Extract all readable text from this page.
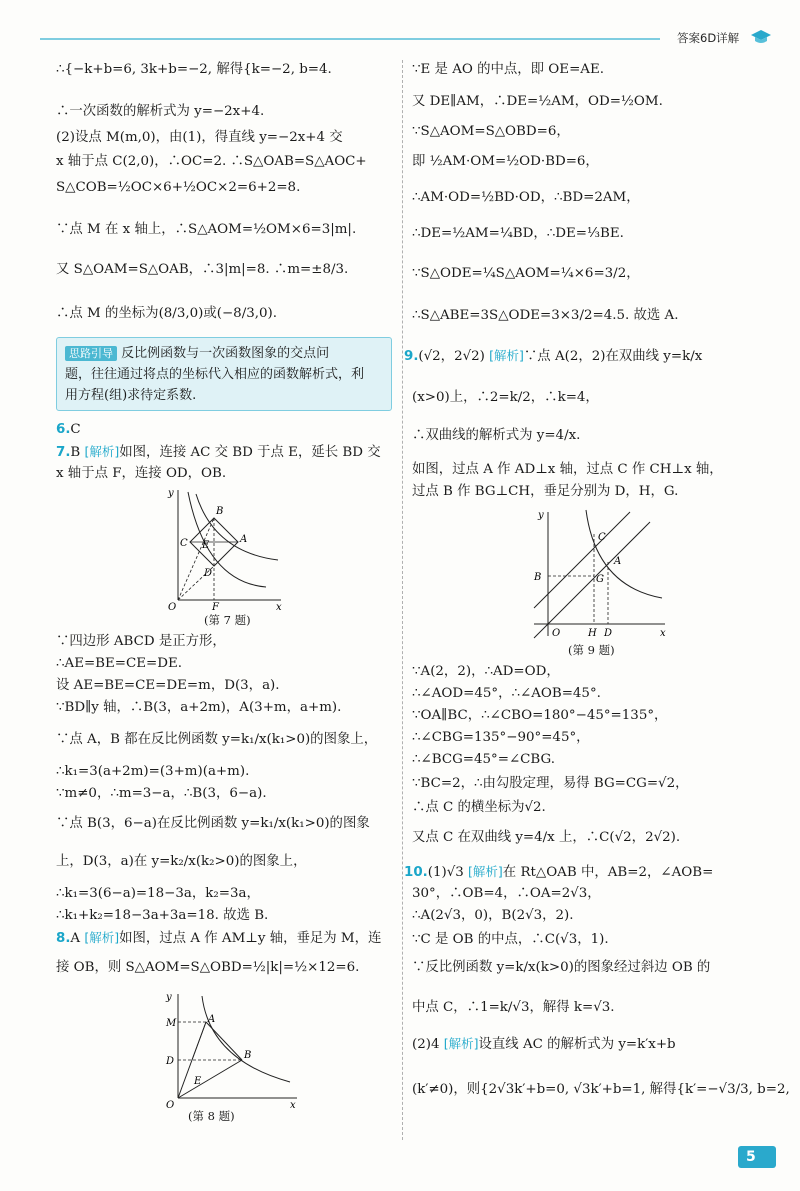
答案6D详解
∴{−k+b=6, 3k+b=−2, 解得{k=−2, b=4.
∴一次函数的解析式为 y=−2x+4.
(2)设点 M(m,0)，由(1)，得直线 y=−2x+4 交
x 轴于点 C(2,0)，∴OC=2. ∴S△OAB=S△AOC+
S△COB=½OC×6+½OC×2=6+2=8.
∵点 M 在 x 轴上，∴S△AOM=½OM×6=3|m|.
又 S△OAM=S△OAB，∴3|m|=8. ∴m=±8/3.
∴点 M 的坐标为(8/3,0)或(−8/3,0).
思路引导 反比例函数与一次函数图象的交点问
题，往往通过将点的坐标代入相应的函数解析式，利
用方程(组)求待定系数.
6.C
7.B [解析]如图，连接 AC 交 BD 于点 E，延长 BD 交
x 轴于点 F，连接 OD，OB.
y
B
A
C E
D
O	F	x
(第 7 题)
∵四边形 ABCD 是正方形，
∴AE=BE=CE=DE.
设 AE=BE=CE=DE=m，D(3，a).
∵BD∥y 轴，∴B(3，a+2m)，A(3+m，a+m).
∵点 A，B 都在反比例函数 y=k₁/x(k₁>0)的图象上，
∴k₁=3(a+2m)=(3+m)(a+m).
∵m≠0，∴m=3−a，∴B(3，6−a).
∵点 B(3，6−a)在反比例函数 y=k₁/x(k₁>0)的图象
上，D(3，a)在 y=k₂/x(k₂>0)的图象上，
∴k₁=3(6−a)=18−3a，k₂=3a，
∴k₁+k₂=18−3a+3a=18. 故选 B.
8.A [解析]如图，过点 A 作 AM⊥y 轴，垂足为 M，连
接 OB，则 S△AOM=S△OBD=½|k|=½×12=6.
y
M	A
D
B
E
O	x
(第 8 题)
∵E 是 AO 的中点，即 OE=AE.
又 DE∥AM，∴DE=½AM，OD=½OM.
∵S△AOM=S△OBD=6，
即 ½AM·OM=½OD·BD=6，
∴AM·OD=½BD·OD，∴BD=2AM，
∴DE=½AM=¼BD，∴DE=⅓BE.
∵S△ODE=¼S△AOM=¼×6=3/2，
∴S△ABE=3S△ODE=3×3/2=4.5. 故选 A.
9.(√2，2√2) [解析]∵点 A(2，2)在双曲线 y=k/x
(x>0)上，∴2=k/2，∴k=4，
∴双曲线的解析式为 y=4/x.
如图，过点 A 作 AD⊥x 轴，过点 C 作 CH⊥x 轴，
过点 B 作 BG⊥CH，垂足分别为 D，H，G.
y
C
A
B	G
O	H D	x
(第 9 题)
∵A(2，2)，∴AD=OD，
∴∠AOD=45°，∴∠AOB=45°.
∵OA∥BC，∴∠CBO=180°−45°=135°，
∴∠CBG=135°−90°=45°，
∴∠BCG=45°=∠CBG.
∵BC=2，∴由勾股定理，易得 BG=CG=√2，
∴点 C 的横坐标为√2.
又点 C 在双曲线 y=4/x 上，∴C(√2，2√2).
10.(1)√3 [解析]在 Rt△OAB 中，AB=2，∠AOB=
30°，∴OB=4，∴OA=2√3，
∴A(2√3，0)，B(2√3，2).
∵C 是 OB 的中点，∴C(√3，1).
∵反比例函数 y=k/x(k>0)的图象经过斜边 OB 的
中点 C，∴1=k/√3，解得 k=√3.
(2)4 [解析]设直线 AC 的解析式为 y=k′x+b
(k′≠0)，则{2√3k′+b=0, √3k′+b=1, 解得{k′=−√3/3, b=2,
5
